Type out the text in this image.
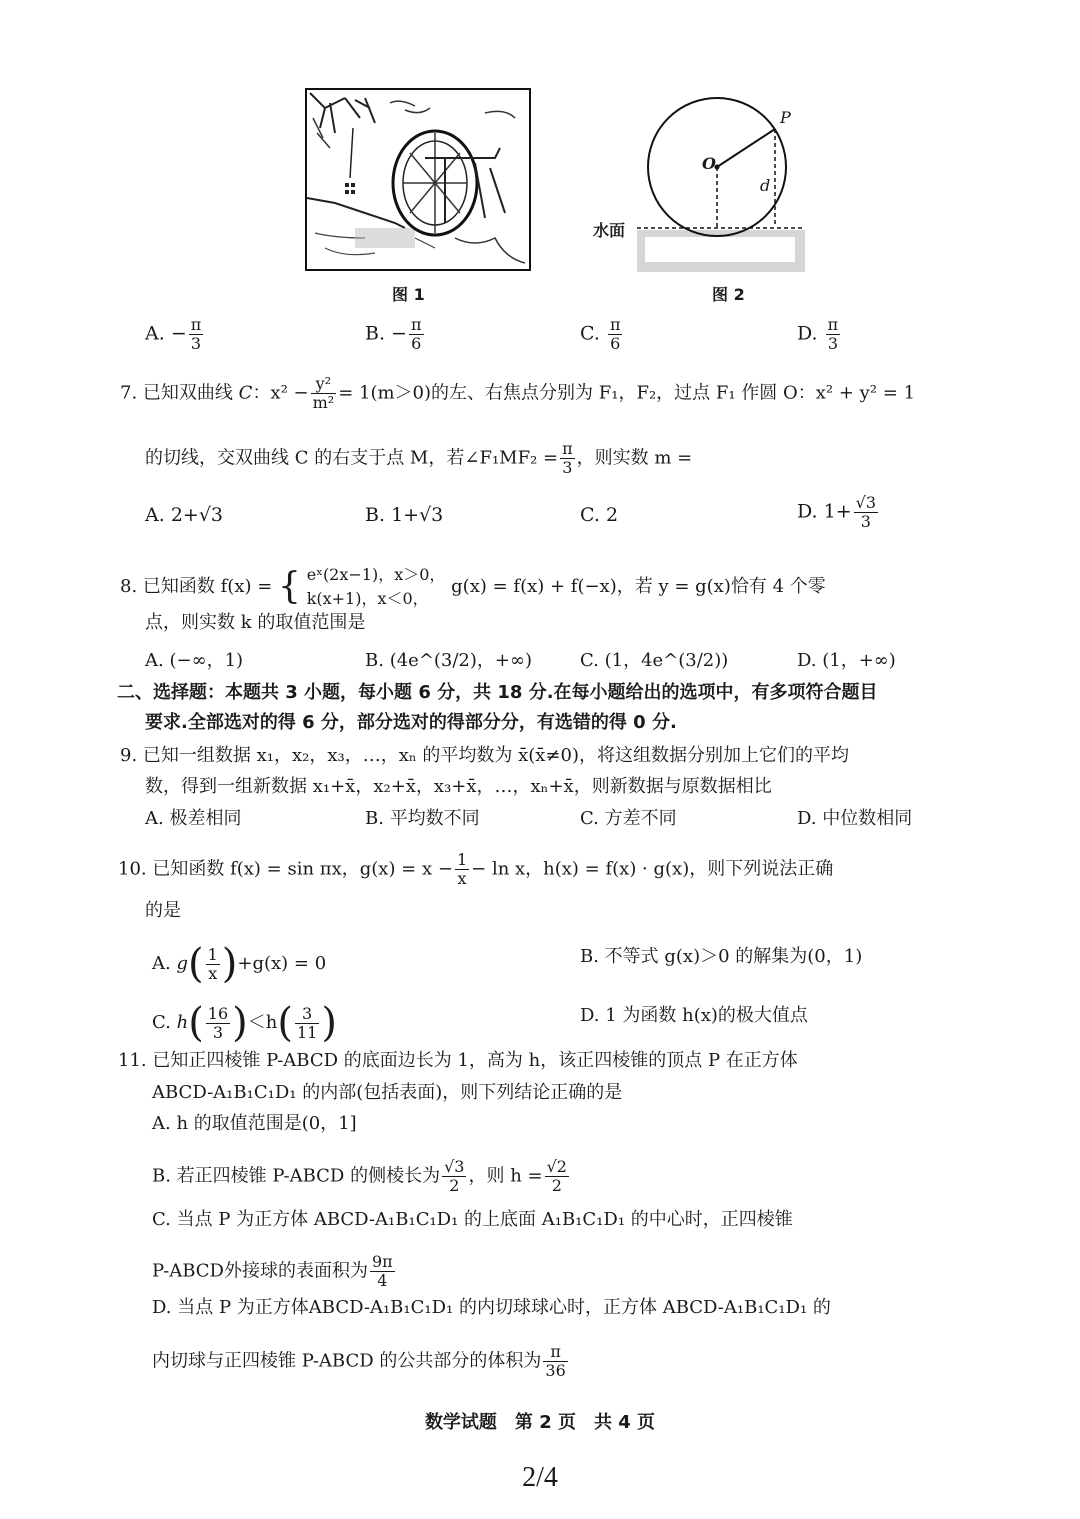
图 1
O
P
d
水面
图 2
A. − $\frac{\pi}{3}$	B. − $\frac{\pi}{6}$	C. $\frac{\pi}{6}$	D. $\frac{\pi}{3}$
7. 已知双曲线 C：$x^2 - \frac{\text{y²}}{\text{m²}} = 1(m>0)$的左、右焦点分别为 F₁，F₂，过点 F₁ 作圆 O：x² + y² = 1
的切线，交双曲线 C 的右支于点 M，若∠F₁MF₂ = $\frac{\pi}{3}$ ，则实数 m =
A. 2+√3	B. 1+√3	C. 2	D. $1+ \frac{√3}{3}$
8. 已知函数 f(x) = { eˣ(2x−1)，x＞0，
k(x+1)，x＜0，
g(x) = f(x) + f(−x)，若 y = g(x)恰有 4 个零
点，则实数 k 的取值范围是
A. (−∞，1)	B. (4e^(3/2)，+∞)	C. (1，4e^(3/2))	D. (1，+∞)
二、选择题：本题共 3 小题，每小题 6 分，共 18 分.在每小题给出的选项中，有多项符合题目
要求.全部选对的得 6 分，部分选对的得部分分，有选错的得 0 分.
9. 已知一组数据 x₁，x₂，x₃，…，xₙ 的平均数为 x̄(x̄≠0)，将这组数据分别加上它们的平均
数，得到一组新数据 x₁+x̄，x₂+x̄，x₃+x̄，…，xₙ+x̄，则新数据与原数据相比
A. 极差相同	B. 平均数不同	C. 方差不同	D. 中位数相同
10. 已知函数 f(x) = sin πx，$g(x) = x - \frac{1}{x} - \ln x$，h(x) = f(x) · g(x)，则下列说法正确
的是
A. $g( \frac{1}{x} )+g(x) = 0$	B. 不等式 g(x)＞0 的解集为(0，1)
C. $h( \frac{16}{3} )<h( \frac{3}{11}$ )	D. 1 为函数 h(x)的极大值点
11. 已知正四棱锥 P-ABCD 的底面边长为 1，高为 h，该正四棱锥的顶点 P 在正方体
ABCD-A₁B₁C₁D₁ 的内部(包括表面)，则下列结论正确的是
A. h 的取值范围是(0，1]
B. 若正四棱锥 P-ABCD 的侧棱长为 $\frac{√3}{2}$ ，则 $h = \frac{√2}{2}$
C. 当点 P 为正方体 ABCD-A₁B₁C₁D₁ 的上底面 A₁B₁C₁D₁ 的中心时，正四棱锥
P-ABCD外接球的表面积为 $\frac{9\pi}{4}$
D. 当点 P 为正方体ABCD-A₁B₁C₁D₁ 的内切球球心时，正方体 ABCD-A₁B₁C₁D₁ 的
内切球与正四棱锥 P-ABCD 的公共部分的体积为 $\frac{\pi}{36}$
数学试题　第 2 页　共 4 页
2/4
